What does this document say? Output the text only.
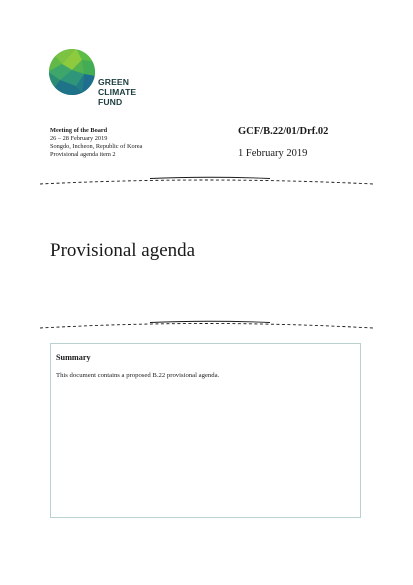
GREEN
CLIMATE
FUND
Meeting of the Board
26 – 28 February 2019
Songdo, Incheon, Republic of Korea
Provisional agenda item 2
GCF/B.22/01/Drf.02
1 February 2019
Provisional agenda
Summary
This document contains a proposed B.22 provisional agenda.
